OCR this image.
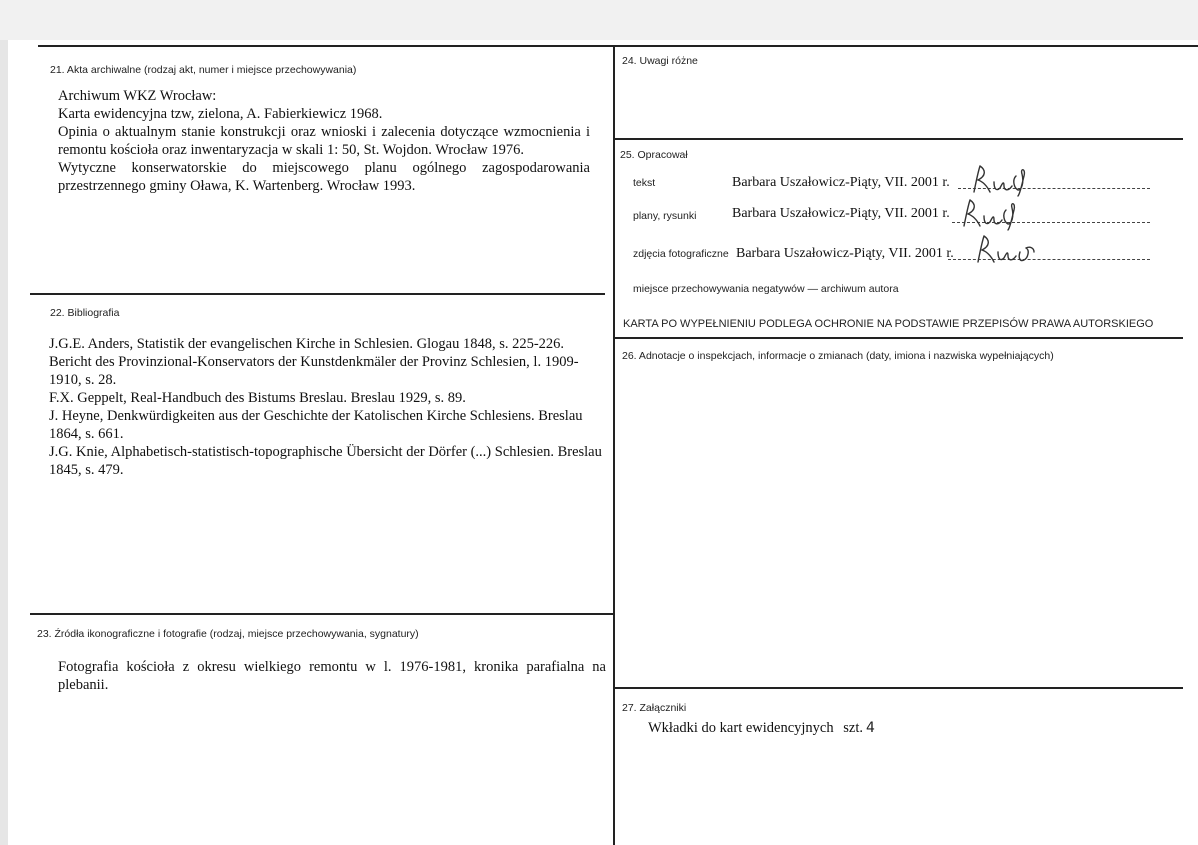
21. Akta archiwalne (rodzaj akt, numer i miejsce przechowywania)

Archiwum WKZ Wrocław:

Karta ewidencyjna tzw, zielona, A. Fabierkiewicz 1968.

Opinia o aktualnym stanie konstrukcji oraz wnioski i zalecenia dotyczące wzmocnienia i remontu kościoła oraz inwentaryzacja w skali 1: 50, St. Wojdon. Wrocław 1976.

Wytyczne konserwatorskie do miejscowego planu ogólnego zagospodarowania przestrzennego gminy Oława, K. Wartenberg. Wrocław 1993.

22. Bibliografia

J.G.E. Anders, Statistik der evangelischen Kirche in Schlesien. Glogau 1848, s. 225-226.

Bericht des Provinzional-Konservators der Kunstdenkmäler der Provinz Schlesien, l. 1909-1910, s. 28.

F.X. Geppelt, Real-Handbuch des Bistums Breslau. Breslau 1929, s. 89.

J. Heyne, Denkwürdigkeiten aus der Geschichte der Katolischen Kirche Schlesiens. Breslau 1864, s. 661.

J.G. Knie, Alphabetisch-statistisch-topographische Übersicht der Dörfer (...) Schlesien. Breslau 1845, s. 479.

23. Źródła ikonograficzne i fotografie (rodzaj, miejsce przechowywania, sygnatury)

Fotografia kościoła z okresu wielkiego remontu w l. 1976-1981, kronika parafialna na plebanii.

24. Uwagi różne
25. Opracował
tekst	Barbara Uszałowicz-Piąty, VII. 2001 r.
plany, rysunki	Barbara Uszałowicz-Piąty, VII. 2001 r.
zdjęcia fotograficzne Barbara Uszałowicz-Piąty, VII. 2001 r.
miejsce przechowywania negatywów — archiwum autora
KARTA PO WYPEŁNIENIU PODLEGA OCHRONIE NA PODSTAWIE PRZEPISÓW PRAWA AUTORSKIEGO
26. Adnotacje o inspekcjach, informacje o zmianach (daty, imiona i nazwiska wypełniających)
27. Załączniki
Wkładki do kart ewidencyjnych szt. 4
